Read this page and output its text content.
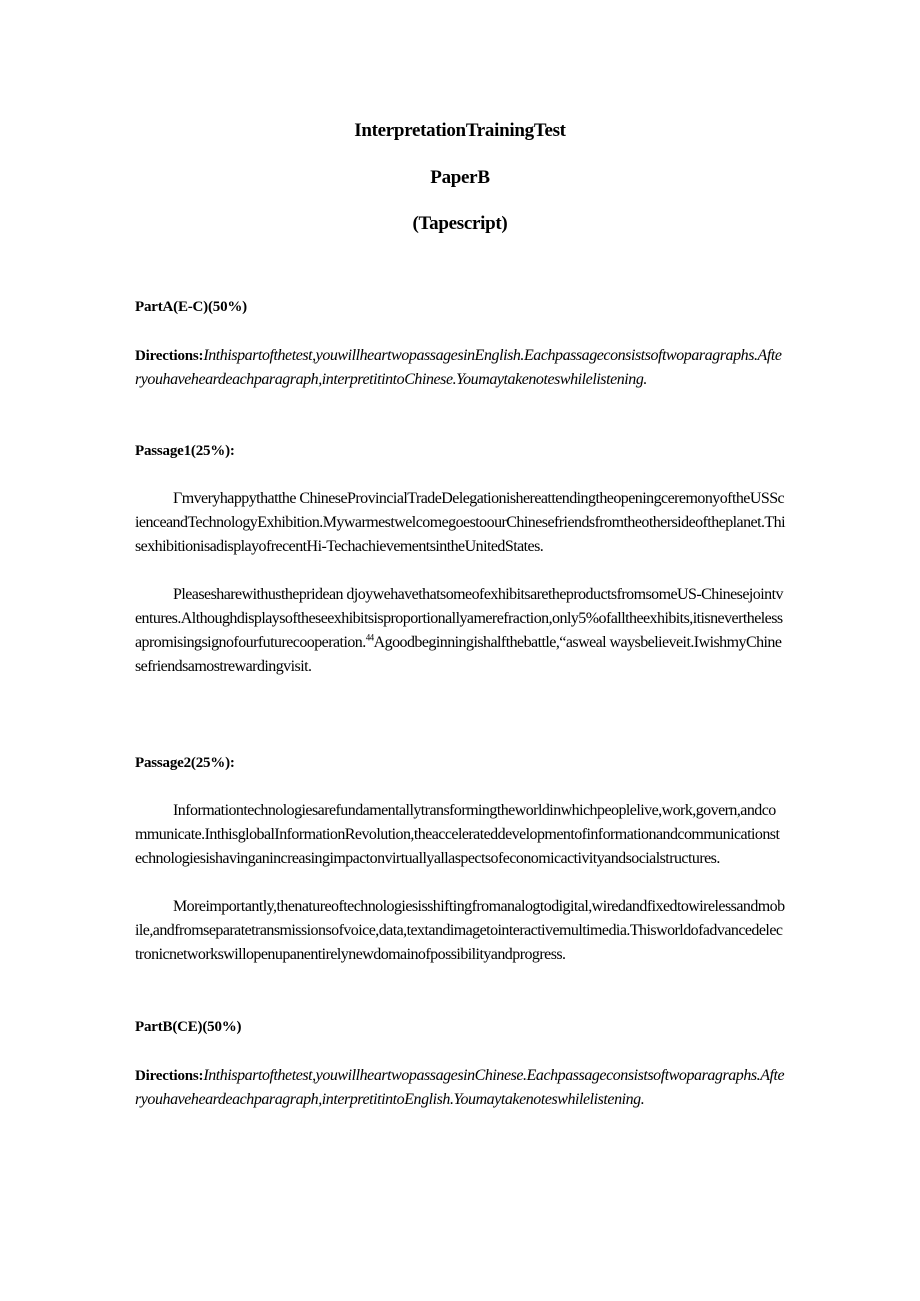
InterpretationTrainingTest
PaperB
(Tapescript)
PartA(E-C)(50%)
Directions:Inthispartofthetest,youwillheartwopassagesinEnglish.Eachpassageconsistsoftwoparagraphs.Afteryouhaveheardeachparagraph,interpretitintoChinese.Youmaytakenoteswhilelistening.
Passage1(25%):
Γmveryhappythatthe ChineseProvincialTradeDelegationishereattendingtheopeningceremonyoftheUSScienceandTechnologyExhibition.MywarmestwelcomegoestoourChinesefriendsfromtheothersideoftheplanet.ThisexhibitionisadisplayofrecentHi-TechachievementsintheUnitedStates.
Pleasesharewithusthepridean djoywehavethatsomeofexhibitsaretheproductsfromsomeUS-Chinesejointventures.Althoughdisplaysoftheseexhibitsisproportionallyamerefraction,only5%ofalltheexhibits,itisneverthelessapromisingsignofourfuturecooperation.$^{44}$Agoodbeginningishalfthebattle,“asweal waysbelieveit.IwishmyChinesefriendsamostrewardingvisit.
Passage2(25%):
Informationtechnologiesarefundamentallytransformingtheworldinwhichpeoplelive,work,govern,andcommunicate.InthisglobalInformationRevolution,theaccelerateddevelopmentofinformationandcommunicationstechnologiesishavinganincreasingimpactonvirtuallyallaspectsofeconomicactivityandsocialstructures.
Moreimportantly,thenatureoftechnologiesisshiftingfromanalogtodigital,wiredandfixedtowirelessandmobile,andfromseparatetransmissionsofvoice,data,textandimagetointeractivemultimedia.Thisworldofadvancedelectronicnetworkswillopenupanentirelynewdomainofpossibilityandprogress.
PartB(CE)(50%)
Directions:Inthispartofthetest,youwillheartwopassagesinChinese.Eachpassageconsistsoftwoparagraphs.Afteryouhaveheardeachparagraph,interpretitintoEnglish.Youmaytakenoteswhilelistening.
